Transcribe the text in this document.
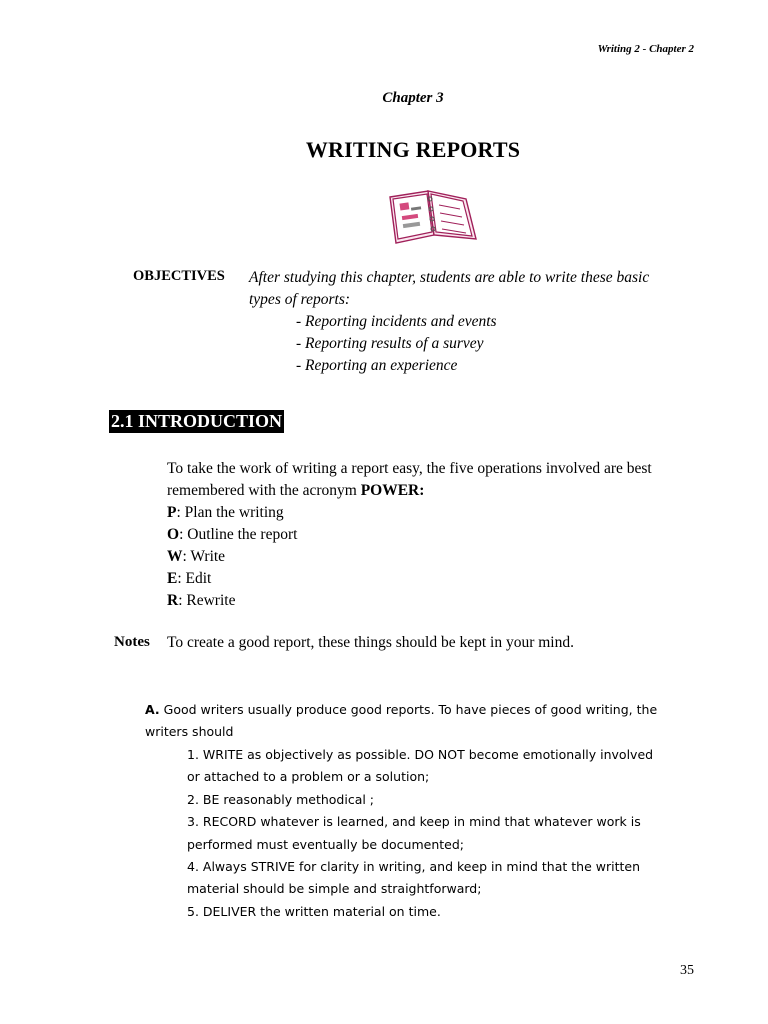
Writing 2 - Chapter 2
Chapter 3
WRITING REPORTS
OBJECTIVES After studying this chapter, students are able to write these basic
types of reports:
- Reporting incidents and events
- Reporting results of a survey
- Reporting an experience
2.1 INTRODUCTION
To take the work of writing a report easy, the five operations involved are best
remembered with the acronym POWER:
P: Plan the writing
O: Outline the report
W: Write
E: Edit
R: Rewrite
Notes To create a good report, these things should be kept in your mind.
A. Good writers usually produce good reports. To have pieces of good writing, the
writers should
1. WRITE as objectively as possible. DO NOT become emotionally involved
or attached to a problem or a solution;
2. BE reasonably methodical ;
3. RECORD whatever is learned, and keep in mind that whatever work is
performed must eventually be documented;
4. Always STRIVE for clarity in writing, and keep in mind that the written
material should be simple and straightforward;
5. DELIVER the written material on time.
35
